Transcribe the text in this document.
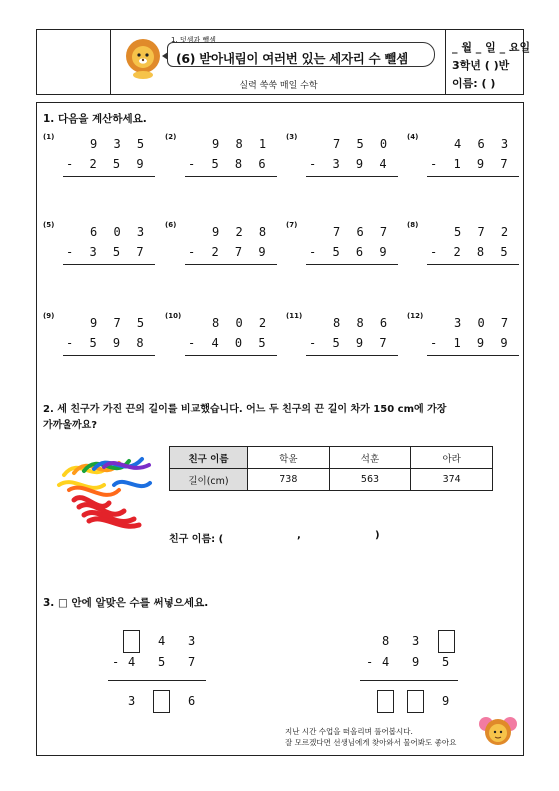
1. 덧셈과 뺄셈
(6) 받아내림이 여러번 있는 세자리 수 뺄셈
실력 쑥쑥 매일 수학
_ 월 _ 일 _ 요일
3학년 ( )반
이름: ( )
1. 다음을 계산하세요.
(1)	9 3 5
- 2 5 9
(2)	9 8 1
- 5 8 6
(3)	7 5 0
- 3 9 4
(4)	4 6 3
- 1 9 7
(5)	6 0 3
- 3 5 7
(6)	9 2 8
- 2 7 9
(7)	7 6 7
- 5 6 9
(8)	5 7 2
- 2 8 5
(9)	9 7 5
- 5 9 8
(10)	8 0 2
- 4 0 5
(11)	8 8 6
- 5 9 7
(12)	3 0 7
- 1 9 9
2. 세 친구가 가진 끈의 길이를 비교했습니다. 어느 두 친구의 끈 길이 차가 150 cm에 가장
가까울까요?
친구 이름	학윤	석훈	아라
길이(cm)	738	563	374
친구 이름: (	,	)
3. □ 안에 알맞은 수를 써넣으세요.
4 3
- 4 5 7
3	6
8 3
- 4 9 5
9
지난 시간 수업을 떠올리며 풀어봅시다.
잘 모르겠다면 선생님에게 찾아와서 물어봐도 좋아요
